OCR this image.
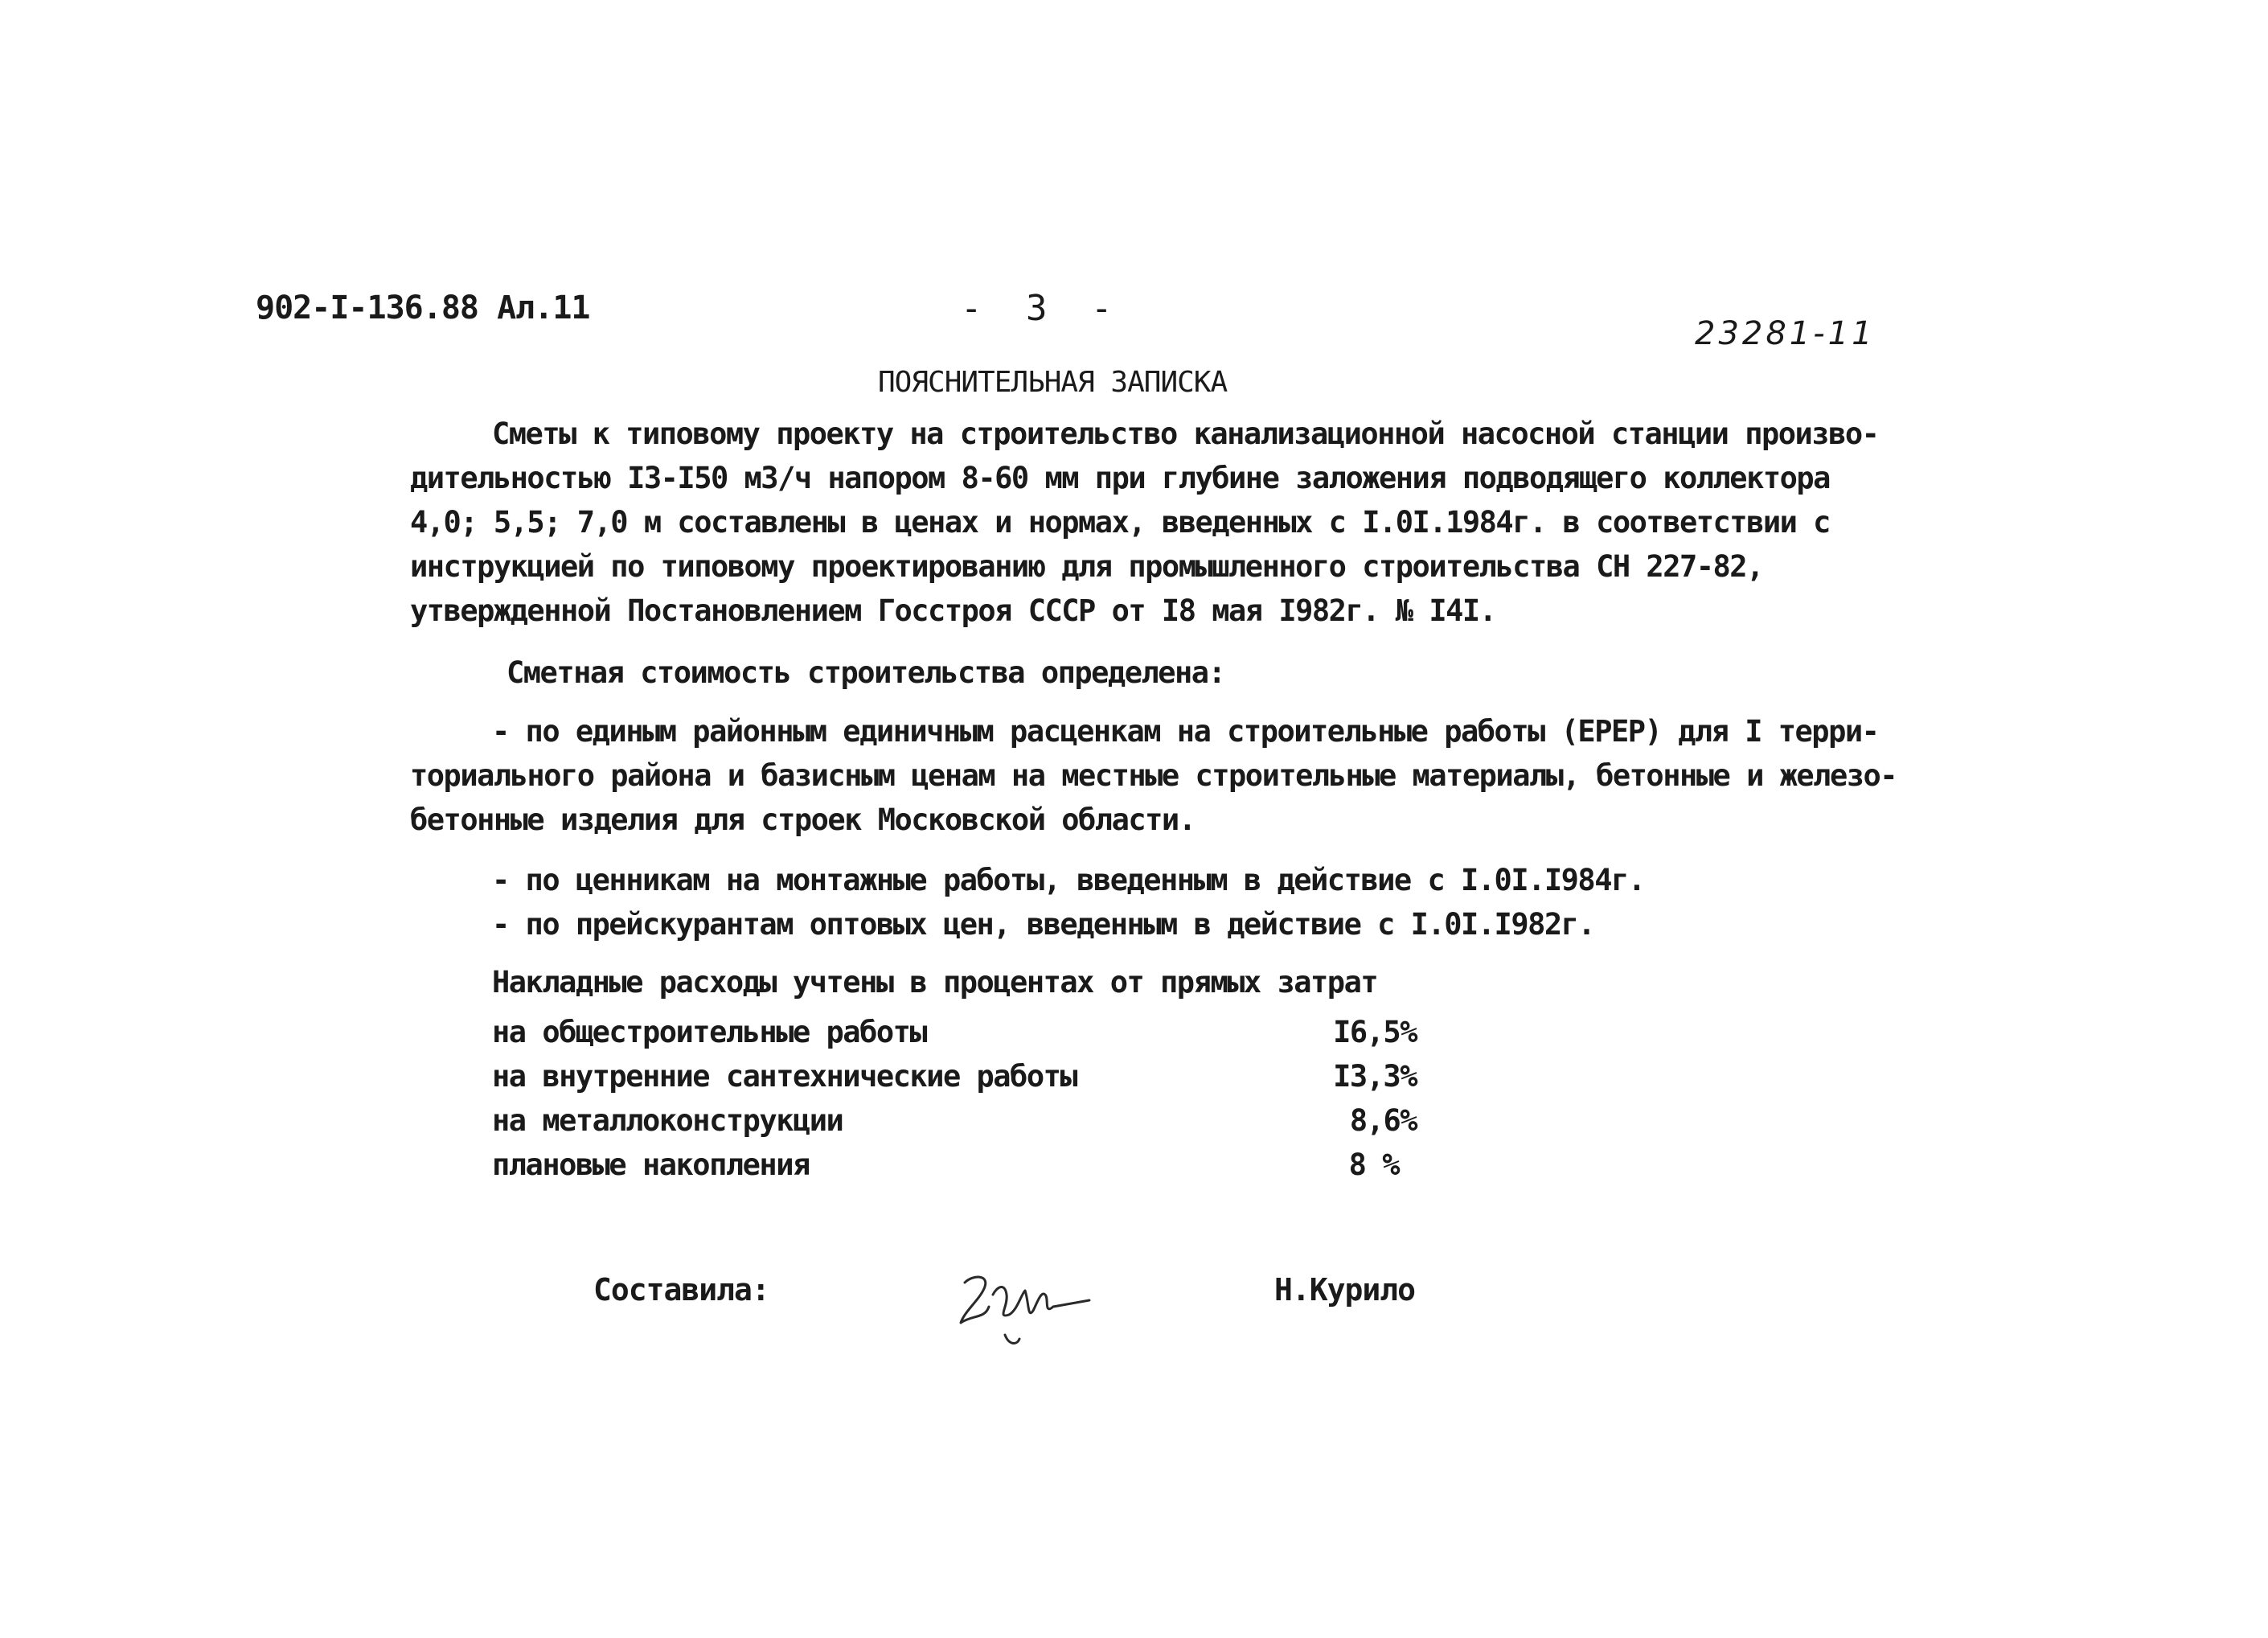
902-I-136.88 Ал.11	- 3 -
23281-11
ПОЯСНИТЕЛЬНАЯ ЗАПИСКА
Сметы к типовому проекту на строительство канализационной насосной станции произво-
дительностью I3-I50 м3/ч напором 8-60 мм при глубине заложения подводящего коллектора
4,0; 5,5; 7,0 м составлены в ценах и нормах, введенных с I.0I.1984г. в соответствии с
инструкцией по типовому проектированию для промышленного строительства СН 227-82,
утвержденной Постановлением Госстроя СССР от I8 мая I982г. № I4I.
Сметная стоимость строительства определена:
- по единым районным единичным расценкам на строительные работы (ЕРЕР) для I терри-
ториального района и базисным ценам на местные строительные материалы, бетонные и железо-
бетонные изделия для строек Московской области.
- по ценникам на монтажные работы, введенным в действие с I.0I.I984г.
- по прейскурантам оптовых цен, введенным в действие с I.0I.I982г.
Накладные расходы учтены в процентах от прямых затрат
на общестроительные работы	I6,5%
на внутренние сантехнические работы	I3,3%
на металлоконструкции	8,6%
плановые накопления	8 %
Составила:	Н.Курило
